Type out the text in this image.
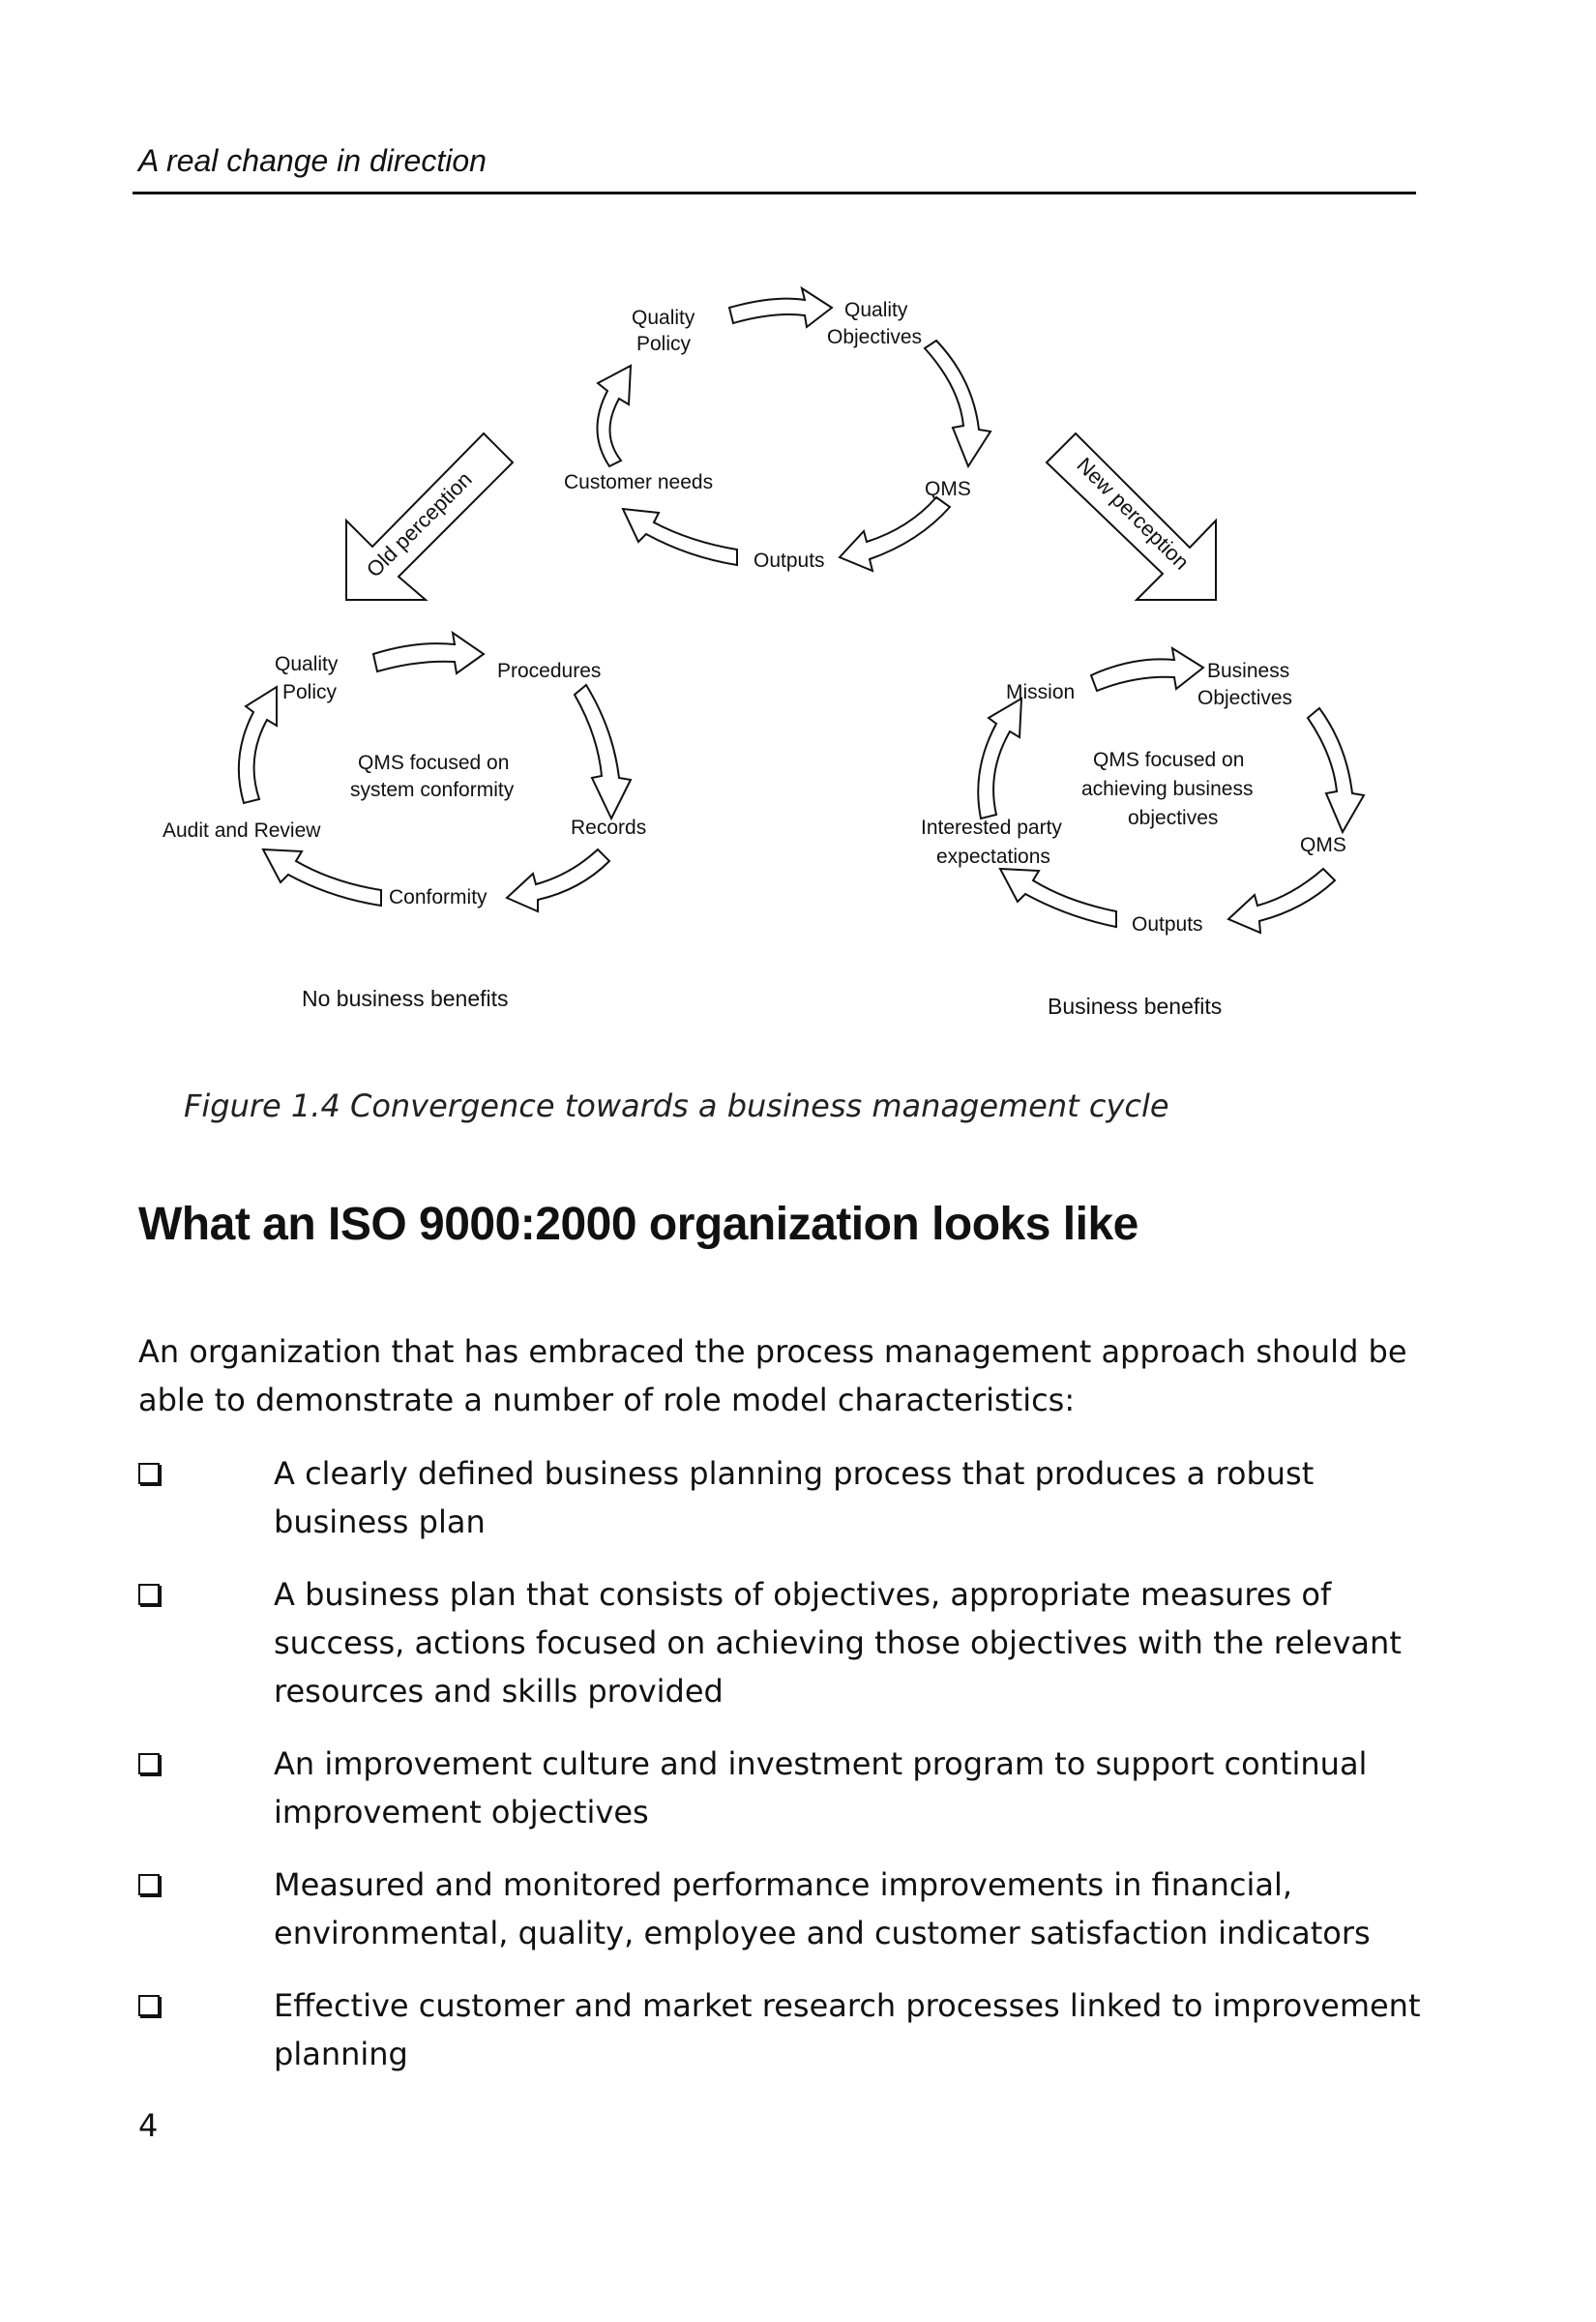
A real change in direction
Quality
Policy
Quality
Objectives
Customer needs	QMS
Outputs
Old perception	New perception
Quality
Policy
Procedures
QMS focused on
system conformity
Audit and Review	Records
Conformity
No business benefits
Mission
Business
Objectives
QMS focused on
achieving business
objectives
Interested party
expectations
QMS
Outputs
Business benefits
Figure 1.4 Convergence towards a business management cycle
What an ISO 9000:2000 organization looks like

An organization that has embraced the process management approach should be able to demonstrate a number of role model characteristics:

A clearly defined business planning process that produces a robust business plan
A business plan that consists of objectives, appropriate measures of success, actions focused on achieving those objectives with the relevant resources and skills provided
An improvement culture and investment program to support continual improvement objectives
Measured and monitored performance improvements in financial, environmental, quality, employee and customer satisfaction indicators
Effective customer and market research processes linked to improvement planning
4
